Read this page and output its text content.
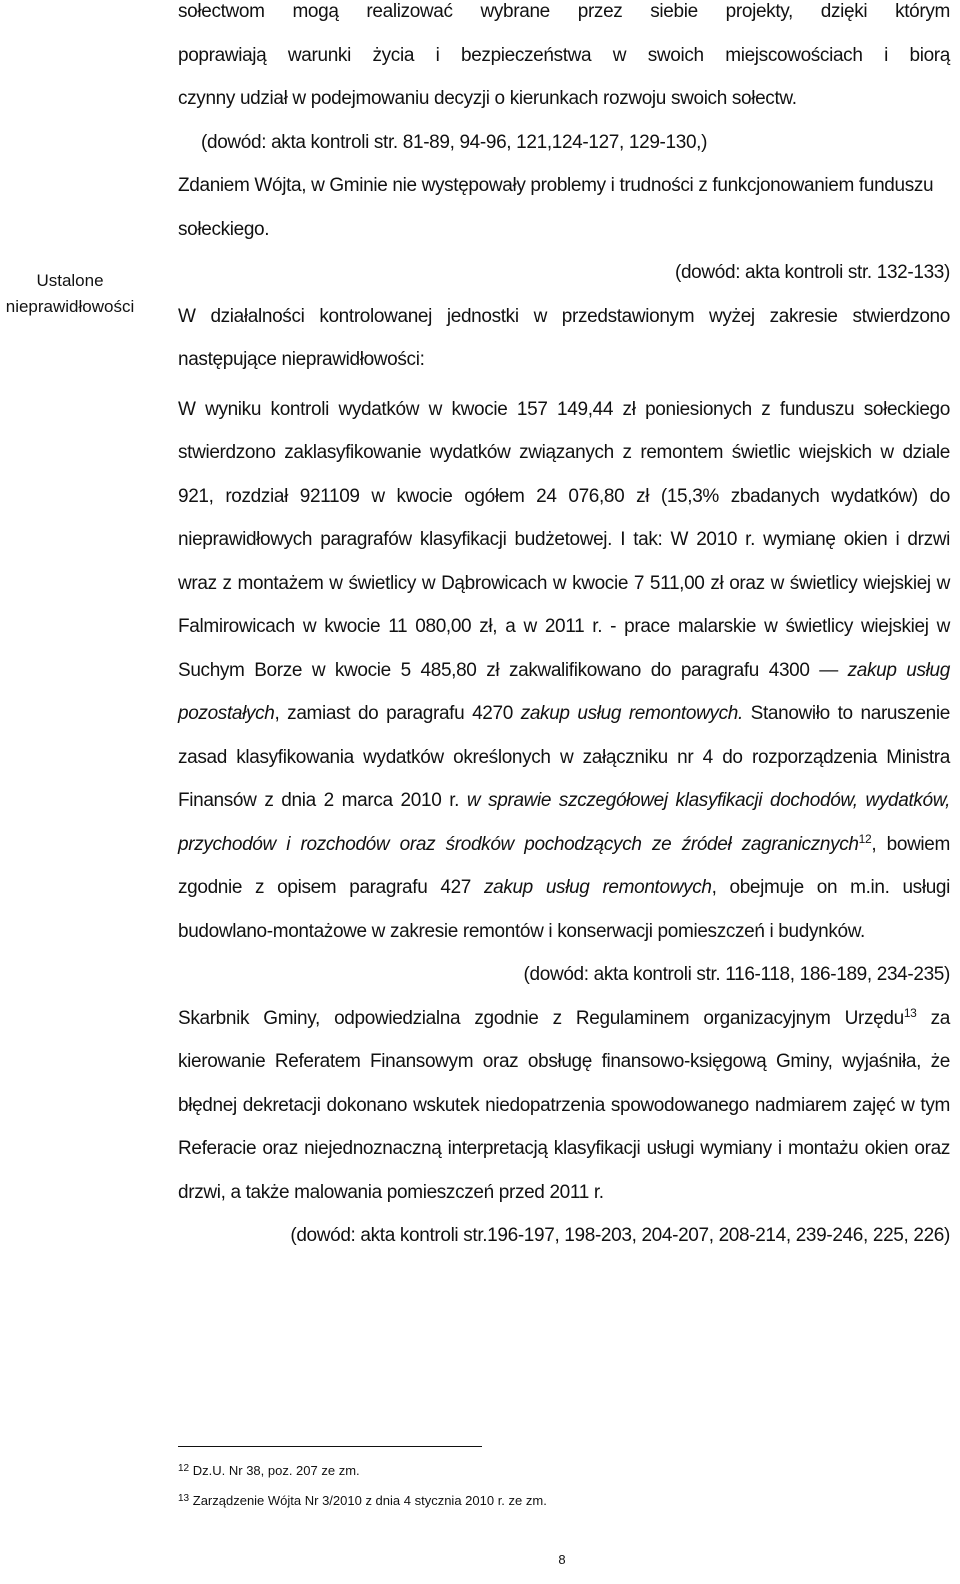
Ustalone
nieprawidłowości

sołectwom mogą realizować wybrane przez siebie projekty, dzięki którym

poprawiają warunki życia i bezpieczeństwa w swoich miejscowościach i biorą

czynny udział w podejmowaniu decyzji o kierunkach rozwoju swoich sołectw.

(dowód: akta kontroli str. 81-89, 94-96, 121,124-127, 129-130,)

Zdaniem Wójta, w Gminie nie występowały problemy i trudności z funkcjonowaniem funduszu sołeckiego.

(dowód: akta kontroli str. 132-133)

W działalności kontrolowanej jednostki w przedstawionym wyżej zakresie stwierdzono następujące nieprawidłowości:

W wyniku kontroli wydatków w kwocie 157 149,44 zł poniesionych z funduszu sołeckiego stwierdzono zaklasyfikowanie wydatków związanych z remontem świetlic wiejskich w dziale 921, rozdział 921109 w kwocie ogółem 24 076,80 zł (15,3% zbadanych wydatków) do nieprawidłowych paragrafów klasyfikacji budżetowej. I tak: W 2010 r. wymianę okien i drzwi wraz z montażem w świetlicy w Dąbrowicach w kwocie 7 511,00 zł oraz w świetlicy wiejskiej w Falmirowicach w kwocie 11 080,00 zł, a w 2011 r. - prace malarskie w świetlicy wiejskiej w Suchym Borze w kwocie 5 485,80 zł zakwalifikowano do paragrafu 4300 — zakup usług pozostałych, zamiast do paragrafu 4270 zakup usług remontowych. Stanowiło to naruszenie zasad klasyfikowania wydatków określonych w załączniku nr 4 do rozporządzenia Ministra Finansów z dnia 2 marca 2010 r. w sprawie szczegółowej klasyfikacji dochodów, wydatków, przychodów i rozchodów oraz środków pochodzących ze źródeł zagranicznych$^{12}$, bowiem zgodnie z opisem paragrafu 427 zakup usług remontowych, obejmuje on m.in. usługi budowlano-montażowe w zakresie remontów i konserwacji pomieszczeń i budynków.

(dowód: akta kontroli str. 116-118, 186-189, 234-235)

Skarbnik Gminy, odpowiedzialna zgodnie z Regulaminem organizacyjnym Urzędu$^{13}$ za kierowanie Referatem Finansowym oraz obsługę finansowo-księgową Gminy, wyjaśniła, że błędnej dekretacji dokonano wskutek niedopatrzenia spowodowanego nadmiarem zajęć w tym Referacie oraz niejednoznaczną interpretacją klasyfikacji usługi wymiany i montażu okien oraz drzwi, a także malowania pomieszczeń przed 2011 r.

(dowód: akta kontroli str.196-197, 198-203, 204-207, 208-214, 239-246, 225, 226)

$^{12}$ Dz.U. Nr 38, poz. 207 ze zm.
$^{13}$ Zarządzenie Wójta Nr 3/2010 z dnia 4 stycznia 2010 r. ze zm.
8
